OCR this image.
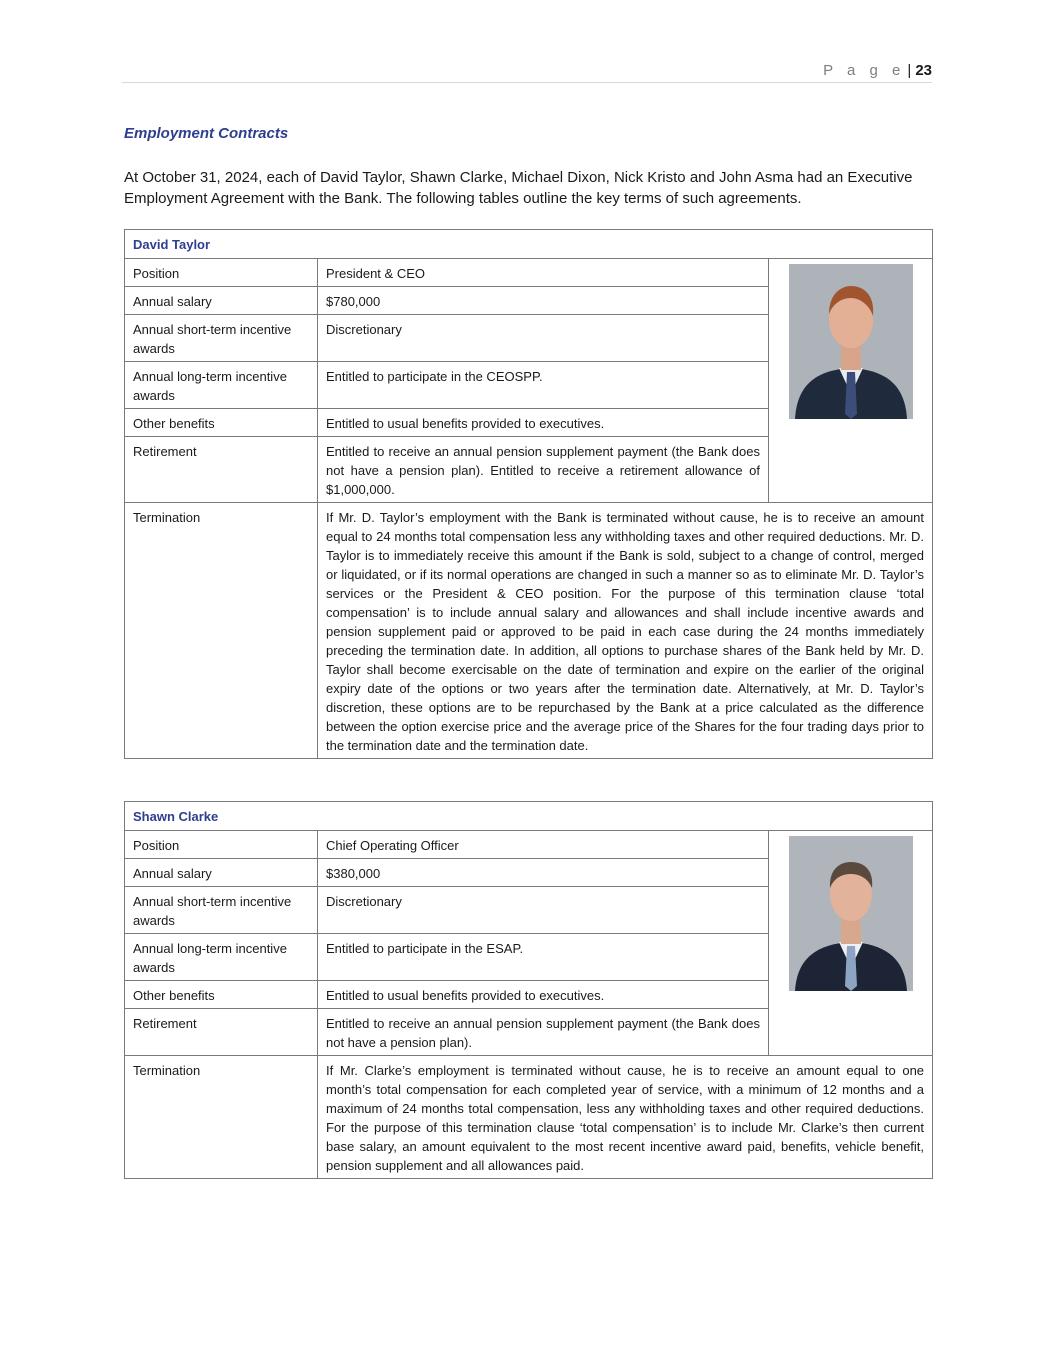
P a g e | 23
Employment Contracts
At October 31, 2024, each of David Taylor, Shawn Clarke, Michael Dixon, Nick Kristo and John Asma had an Executive Employment Agreement with the Bank. The following tables outline the key terms of such agreements.
David Taylor		
Position	President & CEO	

Annual salary	$780,000	
Annual short-term incentive awards	Discretionary	
Annual long-term incentive awards	Entitled to participate in the CEOSPP.	
Other benefits	Entitled to usual benefits provided to executives.	
Retirement	Entitled to receive an annual pension supplement payment (the Bank does not have a pension plan). Entitled to receive a retirement allowance of $1,000,000.	
Termination	If Mr. D. Taylor’s employment with the Bank is terminated without cause, he is to receive an amount equal to 24 months total compensation less any withholding taxes and other required deductions. Mr. D. Taylor is to immediately receive this amount if the Bank is sold, subject to a change of control, merged or liquidated, or if its normal operations are changed in such a manner so as to eliminate Mr. D. Taylor’s services or the President & CEO position. For the purpose of this termination clause ‘total compensation’ is to include annual salary and allowances and shall include incentive awards and pension supplement paid or approved to be paid in each case during the 24 months immediately preceding the termination date. In addition, all options to purchase shares of the Bank held by Mr. D. Taylor shall become exercisable on the date of termination and expire on the earlier of the original expiry date of the options or two years after the termination date. Alternatively, at Mr. D. Taylor’s discretion, these options are to be repurchased by the Bank at a price calculated as the difference between the option exercise price and the average price of the Shares for the four trading days prior to the termination date and the termination date.	
Shawn Clarke		
Position	Chief Operating Officer	

Annual salary	$380,000	
Annual short-term incentive awards	Discretionary	
Annual long-term incentive awards	Entitled to participate in the ESAP.	
Other benefits	Entitled to usual benefits provided to executives.	
Retirement	Entitled to receive an annual pension supplement payment (the Bank does not have a pension plan).	
Termination	If Mr. Clarke’s employment is terminated without cause, he is to receive an amount equal to one month’s total compensation for each completed year of service, with a minimum of 12 months and a maximum of 24 months total compensation, less any withholding taxes and other required deductions. For the purpose of this termination clause ‘total compensation’ is to include Mr. Clarke’s then current base salary, an amount equivalent to the most recent incentive award paid, benefits, vehicle benefit, pension supplement and all allowances paid.	
